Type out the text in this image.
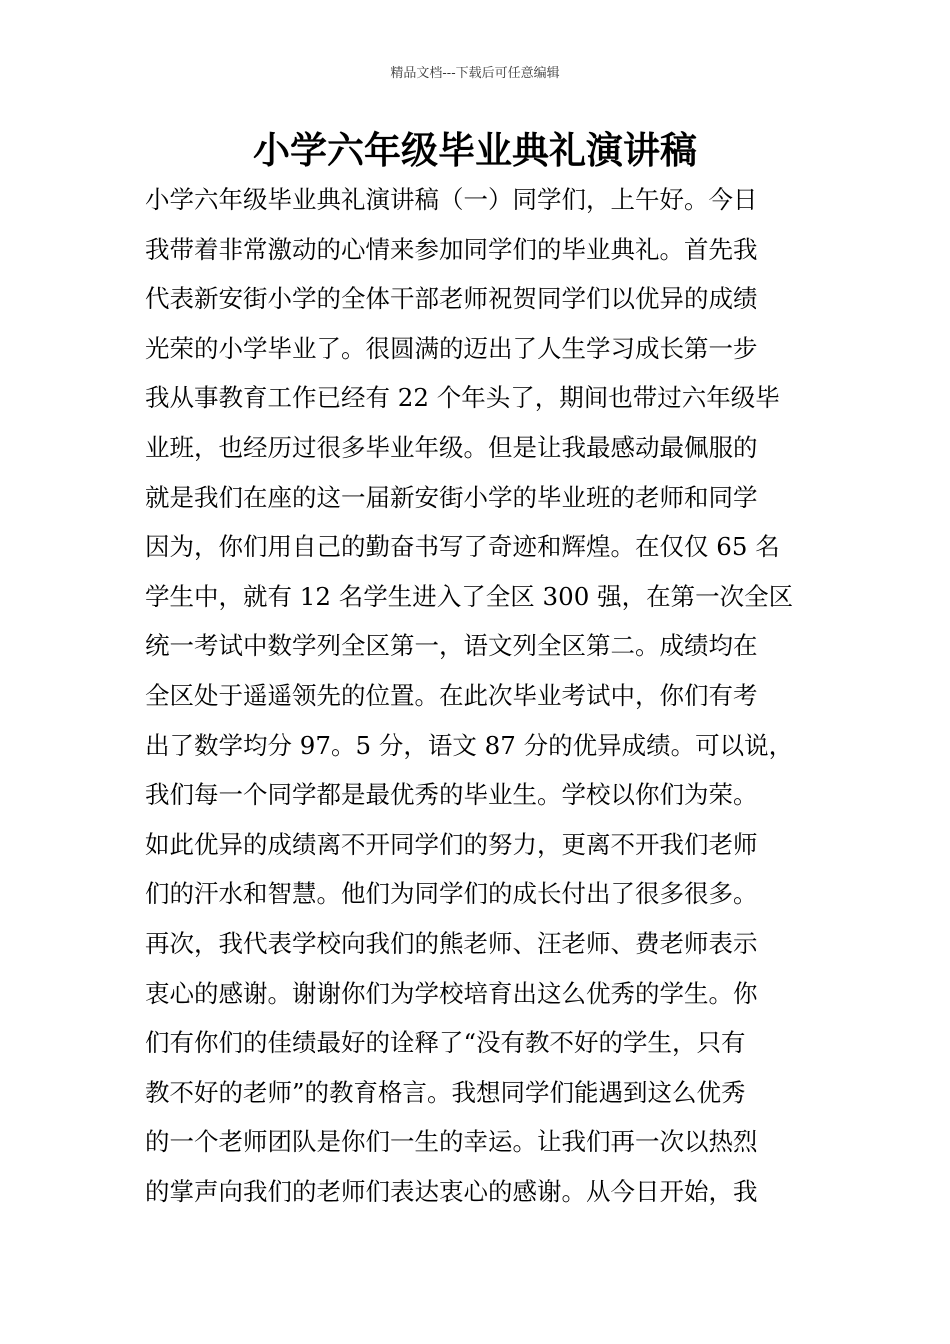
精品文档---下载后可任意编辑
小学六年级毕业典礼演讲稿
小学六年级毕业典礼演讲稿（一）同学们，上午好。今日
我带着非常激动的心情来参加同学们的毕业典礼。首先我
代表新安街小学的全体干部老师祝贺同学们以优异的成绩
光荣的小学毕业了。很圆满的迈出了人生学习成长第一步
我从事教育工作已经有 22 个年头了，期间也带过六年级毕
业班，也经历过很多毕业年级。但是让我最感动最佩服的
就是我们在座的这一届新安街小学的毕业班的老师和同学
因为，你们用自己的勤奋书写了奇迹和辉煌。在仅仅 65 名
学生中，就有 12 名学生进入了全区 300 强，在第一次全区
统一考试中数学列全区第一，语文列全区第二。成绩均在
全区处于遥遥领先的位置。在此次毕业考试中，你们有考
出了数学均分 97。5 分，语文 87 分的优异成绩。可以说，
我们每一个同学都是最优秀的毕业生。学校以你们为荣。
如此优异的成绩离不开同学们的努力，更离不开我们老师
们的汗水和智慧。他们为同学们的成长付出了很多很多。
再次，我代表学校向我们的熊老师、汪老师、费老师表示
衷心的感谢。谢谢你们为学校培育出这么优秀的学生。你
们有你们的佳绩最好的诠释了“没有教不好的学生，只有
教不好的老师”的教育格言。我想同学们能遇到这么优秀
的一个老师团队是你们一生的幸运。让我们再一次以热烈
的掌声向我们的老师们表达衷心的感谢。从今日开始，我
